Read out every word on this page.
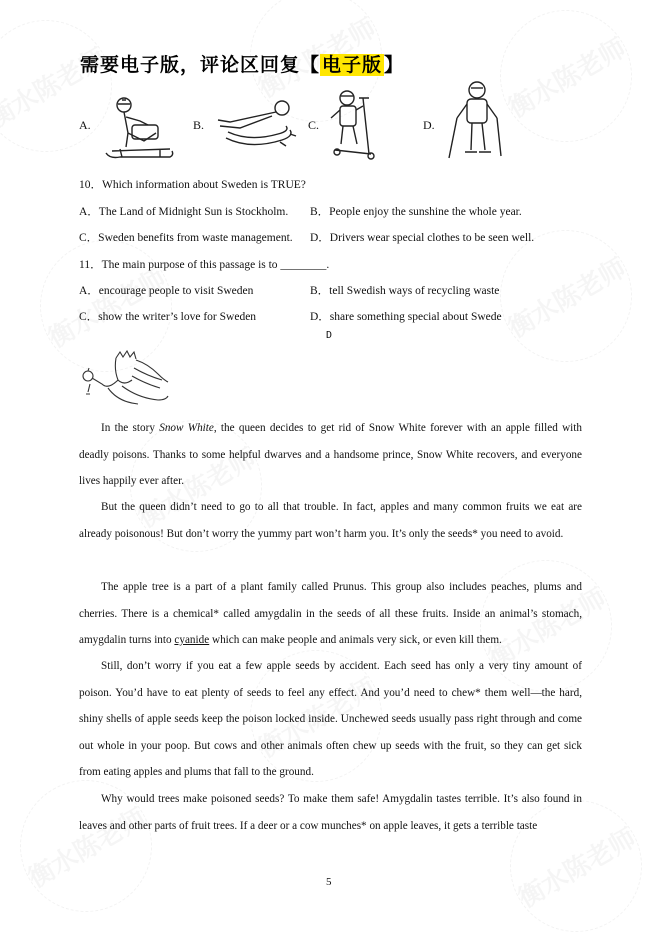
需要电子版，评论区回复【 电子版 】
A.	B.	C.	D.
10．Which information about Sweden is TRUE?
A．The Land of Midnight Sun is Stockholm. B．People enjoy the sunshine the whole year.
C．Sweden benefits from waste management. D．Drivers wear special clothes to be seen well.
11．The main purpose of this passage is to ________.
A．encourage people to visit Sweden	B．tell Swedish ways of recycling waste
C．show the writer’s love for Sweden	D．share something special about Swede
D

In the story Snow White, the queen decides to get rid of Snow White forever with an apple filled with deadly poisons. Thanks to some helpful dwarves and a handsome prince, Snow White recovers, and everyone lives happily ever after.

But the queen didn’t need to go to all that trouble. In fact, apples and many common fruits we eat are already poisonous! But don’t worry the yummy part won’t harm you. It’s only the seeds* you need to avoid.

The apple tree is a part of a plant family called Prunus. This group also includes peaches, plums and cherries. There is a chemical* called amygdalin in the seeds of all these fruits. Inside an animal’s stomach, amygdalin turns into cyanide which can make people and animals very sick, or even kill them.

Still, don’t worry if you eat a few apple seeds by accident. Each seed has only a very tiny amount of poison. You’d have to eat plenty of seeds to feel any effect. And you’d need to chew* them well—the hard, shiny shells of apple seeds keep the poison locked inside. Unchewed seeds usually pass right through and come out whole in your poop. But cows and other animals often chew up seeds with the fruit, so they can get sick from eating apples and plums that fall to the ground.

Why would trees make poisoned seeds? To make them safe! Amygdalin tastes terrible. It’s also found in leaves and other parts of fruit trees. If a deer or a cow munches* on apple leaves, it gets a terrible taste

5
